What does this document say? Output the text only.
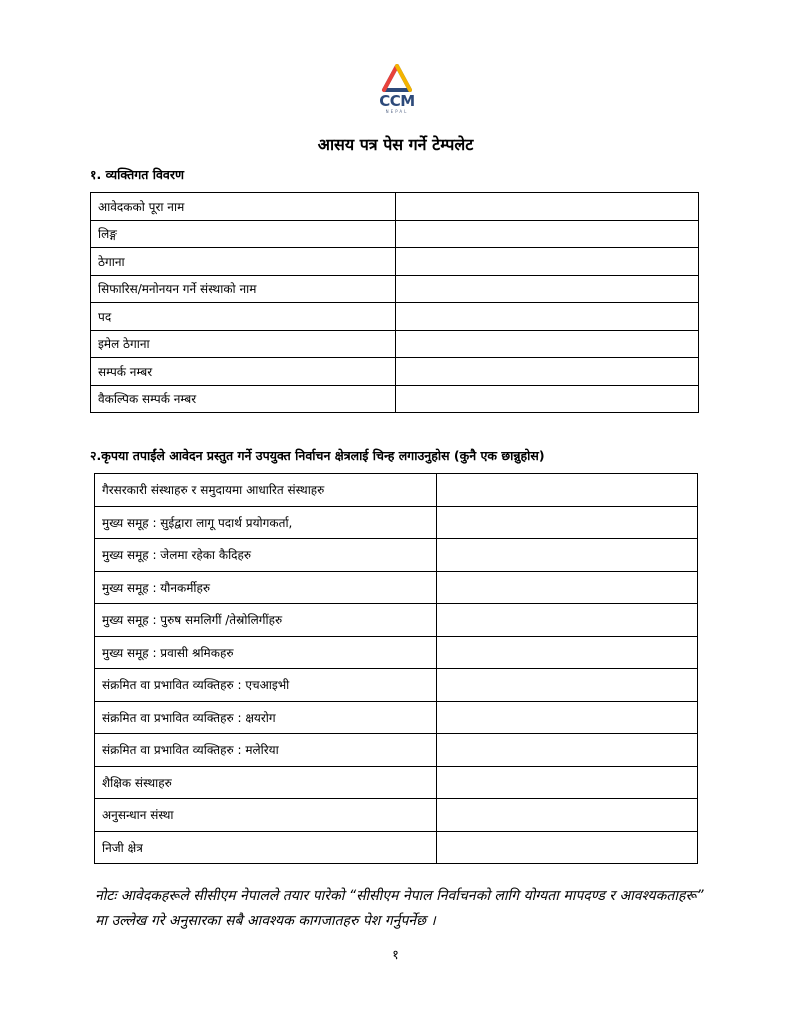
CCM
NEPAL
आसय पत्र पेस गर्ने टेम्पलेट
१. व्यक्तिगत विवरण
आवेदकको पूरा नाम	
लिङ्ग	
ठेगाना	
सिफारिस/मनोनयन गर्ने संस्थाको नाम	
पद	
इमेल ठेगाना	
सम्पर्क नम्बर	
वैकल्पिक सम्पर्क नम्बर	
२.कृपया तपाईंले आवेदन प्रस्तुत गर्ने उपयुक्त निर्वाचन क्षेत्रलाई चिन्ह लगाउनुहोस (कुनै एक छान्नुहोस)
गैरसरकारी संस्थाहरु र समुदायमा आधारित संस्थाहरु	
मुख्य समूह : सुईद्वारा लागू पदार्थ प्रयोगकर्ता,	
मुख्य समूह : जेलमा रहेका कैदिहरु	
मुख्य समूह : यौनकर्मीहरु	
मुख्य समूह : पुरुष समलिगीं /तेस्रोलिगींहरु	
मुख्य समूह : प्रवासी श्रमिकहरु	
संक्रमित वा प्रभावित व्यक्तिहरु : एचआइभी	
संक्रमित वा प्रभावित व्यक्तिहरु : क्षयरोग	
संक्रमित वा प्रभावित व्यक्तिहरु : मलेरिया	
शैक्षिक संस्थाहरु	
अनुसन्धान संस्था	
निजी क्षेत्र	
नोटः आवेदकहरूले सीसीएम नेपालले तयार पारेको “सीसीएम नेपाल निर्वाचनको लागि योग्यता मापदण्ड र आवश्यकताहरू” मा उल्लेख गरे अनुसारका सबै आवश्यक कागजातहरु पेश गर्नुपर्नेछ ।
१
